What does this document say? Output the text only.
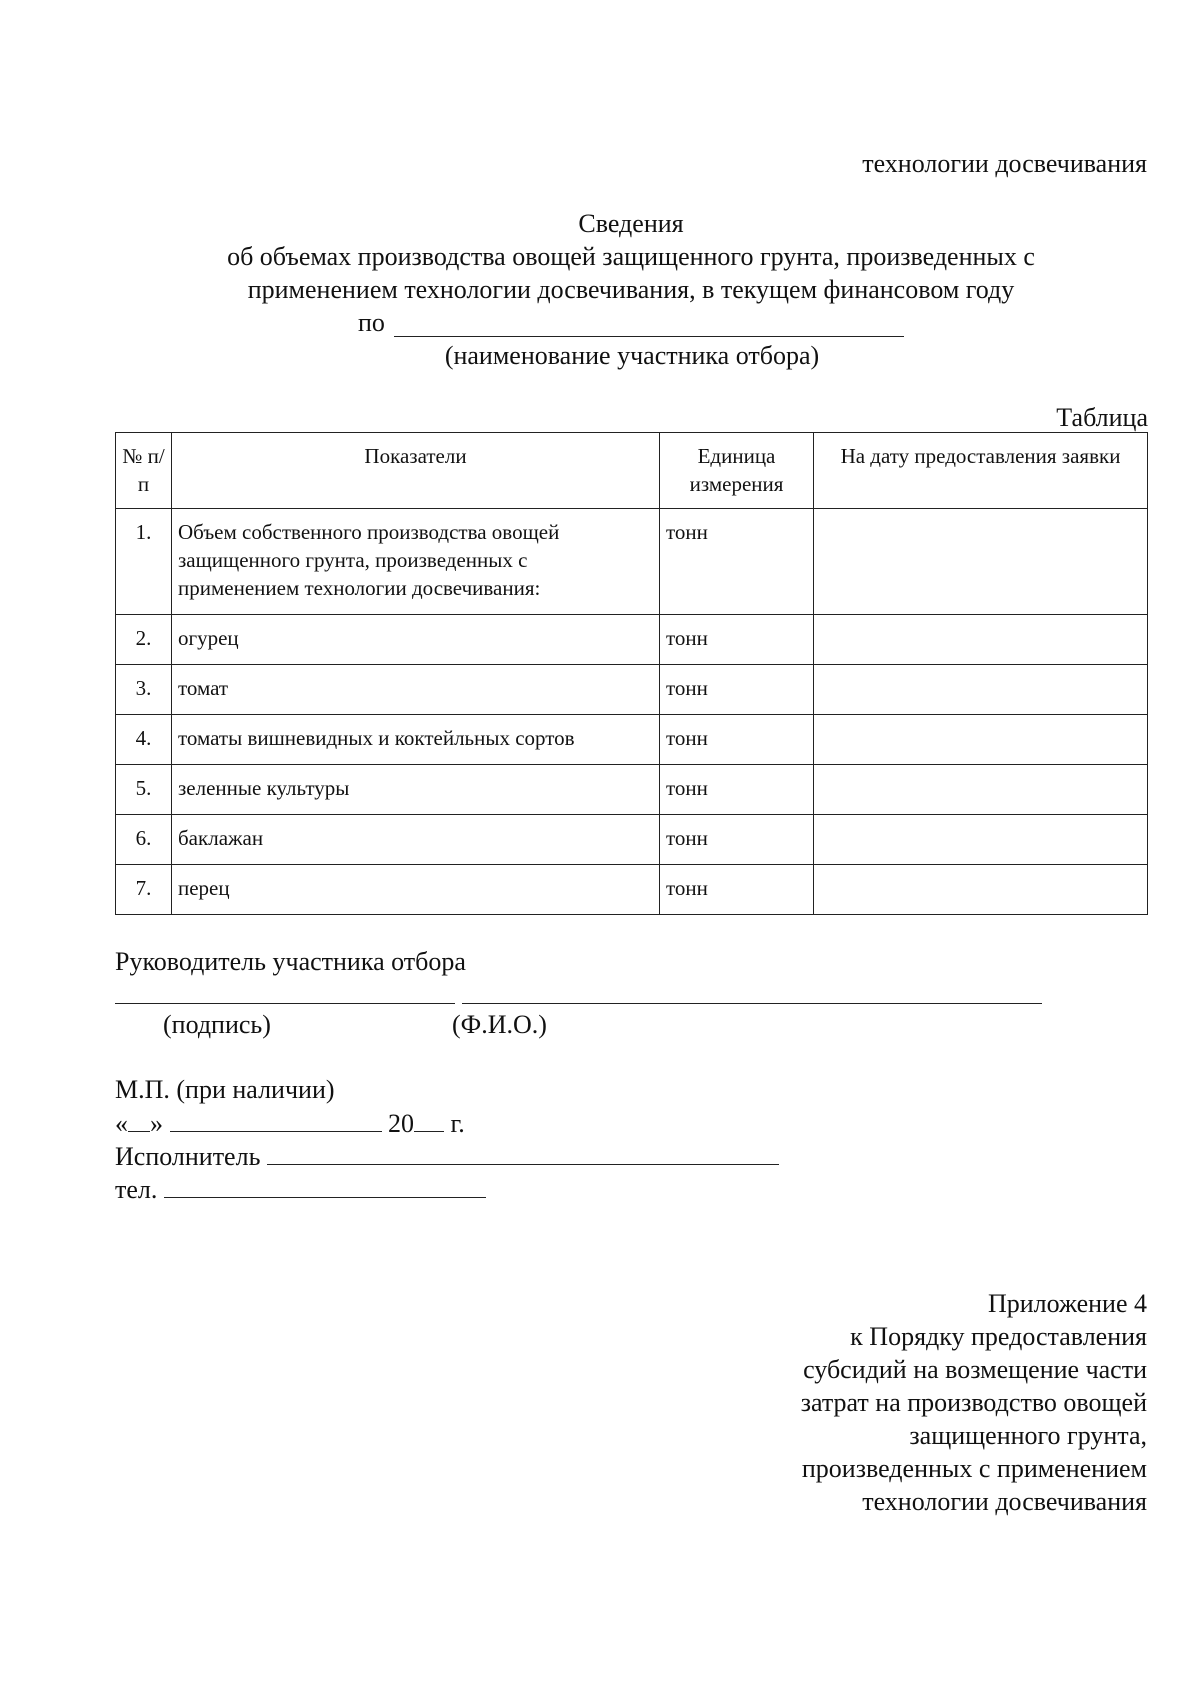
технологии досвечивания
Сведения
об объемах производства овощей защищенного грунта, произведенных с
применением технологии досвечивания, в текущем финансовом году
по
(наименование участника отбора)
Таблица
№ п/п	Показатели	Единица измерения	На дату предоставления заявки
1.	Объем собственного производства овощей защищенного грунта, произведенных с применением технологии досвечивания:	тонн	
2.	огурец	тонн	
3.	томат	тонн	
4.	томаты вишневидных и коктейльных сортов	тонн	
5.	зеленные культуры	тонн	
6.	баклажан	тонн	
7.	перец	тонн	
Руководитель участника отбора
(подпись)	(Ф.И.О.)
М.П. (при наличии)
« »	20 г.
Исполнитель
тел.
Приложение 4
к Порядку предоставления
субсидий на возмещение части
затрат на производство овощей
защищенного грунта,
произведенных с применением
технологии досвечивания
